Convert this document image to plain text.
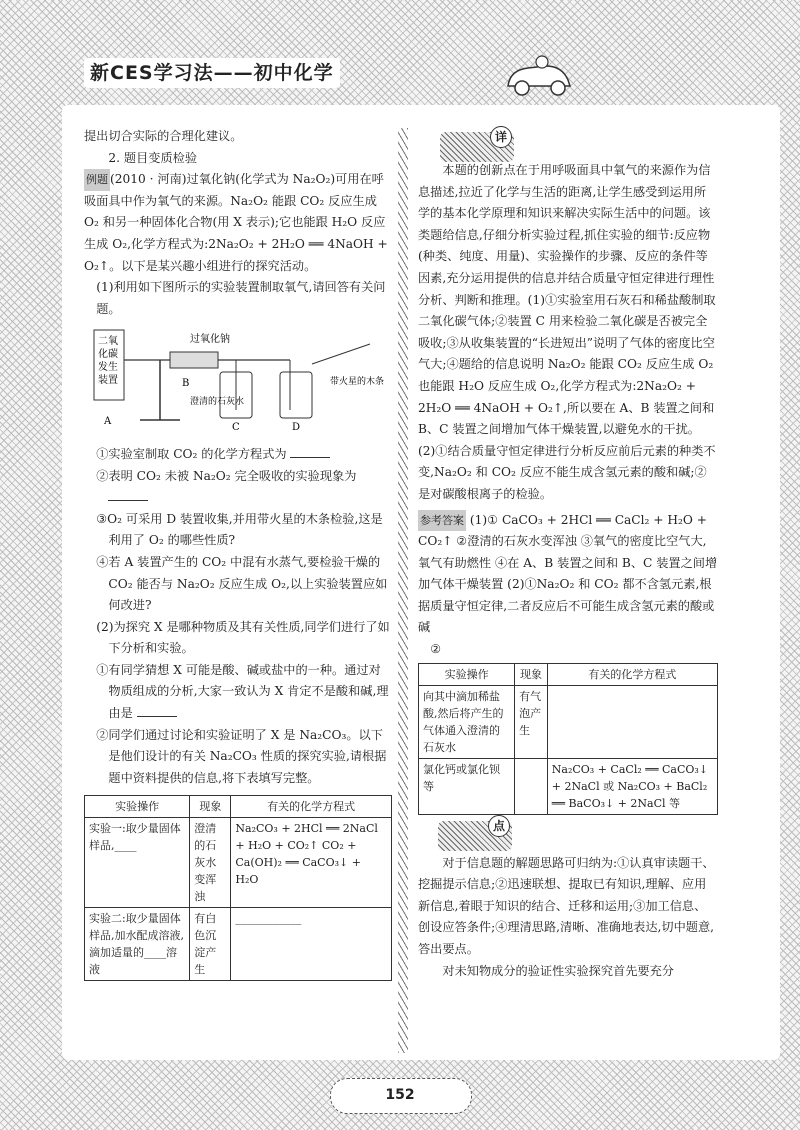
新CES学习法——初中化学

提出切合实际的合理化建议。

2. 题目变质检验

例题 (2010 · 河南)过氧化钠(化学式为 Na₂O₂)可用在呼吸面具中作为氧气的来源。Na₂O₂ 能跟 CO₂ 反应生成 O₂ 和另一种固体化合物(用 X 表示);它也能跟 H₂O 反应生成 O₂,化学方程式为:2Na₂O₂ + 2H₂O ══ 4NaOH + O₂↑。以下是某兴趣小组进行的探究活动。

(1)利用如下图所示的实验装置制取氧气,请回答有关问题。

二氧化碳发生装置
A
B
过氧化钠
C
澄清的石灰水
D
带火星的木条

①实验室制取 CO₂ 的化学方程式为

②表明 CO₂ 未被 Na₂O₂ 完全吸收的实验现象为

③O₂ 可采用 D 装置收集,并用带火星的木条检验,这是利用了 O₂ 的哪些性质?

④若 A 装置产生的 CO₂ 中混有水蒸气,要检验干燥的 CO₂ 能否与 Na₂O₂ 反应生成 O₂,以上实验装置应如何改进?

(2)为探究 X 是哪种物质及其有关性质,同学们进行了如下分析和实验。

①有同学猜想 X 可能是酸、碱或盐中的一种。通过对物质组成的分析,大家一致认为 X 肯定不是酸和碱,理由是

②同学们通过讨论和实验证明了 X 是 Na₂CO₃。以下是他们设计的有关 Na₂CO₃ 性质的探究实验,请根据题中资料提供的信息,将下表填写完整。

实验操作	现象	有关的化学方程式
实验一:取少量固体样品,____	澄清的石灰水变浑浊	Na₂CO₃ + 2HCl ══ 2NaCl + H₂O + CO₂↑ CO₂ + Ca(OH)₂ ══ CaCO₃↓ + H₂O
实验二:取少量固体样品,加水配成溶液,滴加适量的____溶液	有白色沉淀产生	____________
详

本题的创新点在于用呼吸面具中氧气的来源作为信息描述,拉近了化学与生活的距离,让学生感受到运用所学的基本化学原理和知识来解决实际生活中的问题。该类题给信息,仔细分析实验过程,抓住实验的细节:反应物(种类、纯度、用量)、实验操作的步骤、反应的条件等因素,充分运用提供的信息并结合质量守恒定律进行理性分析、判断和推理。(1)①实验室用石灰石和稀盐酸制取二氧化碳气体;②装置 C 用来检验二氧化碳是否被完全吸收;③从收集装置的“长进短出”说明了气体的密度比空气大;④题给的信息说明 Na₂O₂ 能跟 CO₂ 反应生成 O₂ 也能跟 H₂O 反应生成 O₂,化学方程式为:2Na₂O₂ + 2H₂O ══ 4NaOH + O₂↑,所以要在 A、B 装置之间和 B、C 装置之间增加气体干燥装置,以避免水的干扰。(2)①结合质量守恒定律进行分析反应前后元素的种类不变,Na₂O₂ 和 CO₂ 反应不能生成含氢元素的酸和碱;②是对碳酸根离子的检验。

参考答案 (1)① CaCO₃ + 2HCl ══ CaCl₂ + H₂O + CO₂↑ ②澄清的石灰水变浑浊 ③氧气的密度比空气大,氧气有助燃性 ④在 A、B 装置之间和 B、C 装置之间增加气体干燥装置 (2)①Na₂O₂ 和 CO₂ 都不含氢元素,根据质量守恒定律,二者反应后不可能生成含氢元素的酸或碱

②

实验操作	现象	有关的化学方程式
向其中滴加稀盐酸,然后将产生的气体通入澄清的石灰水	有气泡产生	
氯化钙或氯化钡等		Na₂CO₃ + CaCl₂ ══ CaCO₃↓ + 2NaCl 或 Na₂CO₃ + BaCl₂ ══ BaCO₃↓ + 2NaCl 等
点

对于信息题的解题思路可归纳为:①认真审读题干、挖掘提示信息;②迅速联想、提取已有知识,理解、应用新信息,着眼于知识的结合、迁移和运用;③加工信息、创设应答条件;④理清思路,清晰、准确地表达,切中题意,答出要点。

对未知物成分的验证性实验探究首先要充分

152
